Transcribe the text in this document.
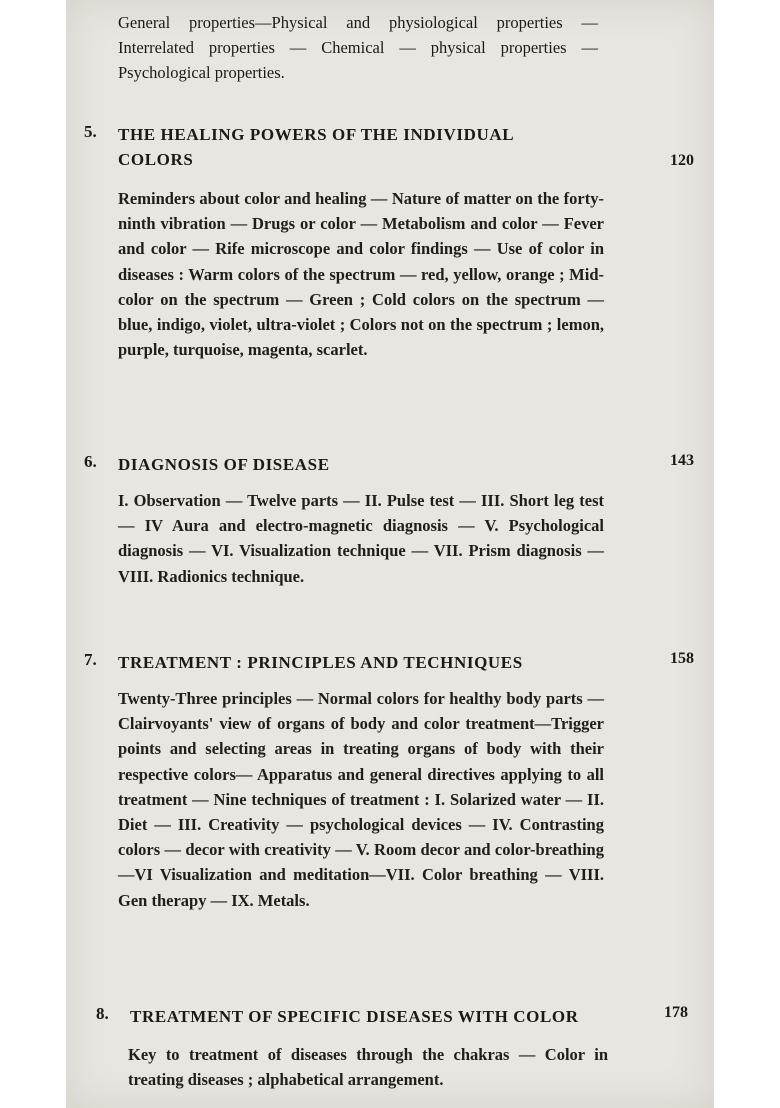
General properties—Physical and physiological properties — Interrelated properties — Chemical — physical properties — Psychological properties.
5. THE HEALING POWERS OF THE INDIVIDUAL COLORS	120
Reminders about color and healing — Nature of matter on the forty-ninth vibration — Drugs or color — Metabolism and color — Fever and color — Rife microscope and color findings — Use of color in diseases : Warm colors of the spectrum — red, yellow, orange ; Mid-color on the spectrum — Green ; Cold colors on the spectrum — blue, indigo, violet, ultra-violet ; Colors not on the spectrum ; lemon, purple, turquoise, magenta, scarlet.
6. DIAGNOSIS OF DISEASE	143
I. Observation — Twelve parts — II. Pulse test — III. Short leg test — IV Aura and electro-magnetic diagnosis — V. Psychological diagnosis — VI. Visualization technique — VII. Prism diagnosis — VIII. Radionics technique.
7. TREATMENT : PRINCIPLES AND TECHNIQUES	158
Twenty-Three principles — Normal colors for healthy body parts — Clairvoyants' view of organs of body and color treatment—Trigger points and selecting areas in treating organs of body with their respective colors— Apparatus and general directives applying to all treatment — Nine techniques of treatment : I. Solarized water — II. Diet — III. Creativity — psychological devices — IV. Contrasting colors — decor with creativity — V. Room decor and color-breathing—VI Visualization and meditation—VII. Color breathing — VIII. Gen therapy — IX. Metals.
8. TREATMENT OF SPECIFIC DISEASES WITH COLOR	178
Key to treatment of diseases through the chakras — Color in treating diseases ; alphabetical arrangement.
